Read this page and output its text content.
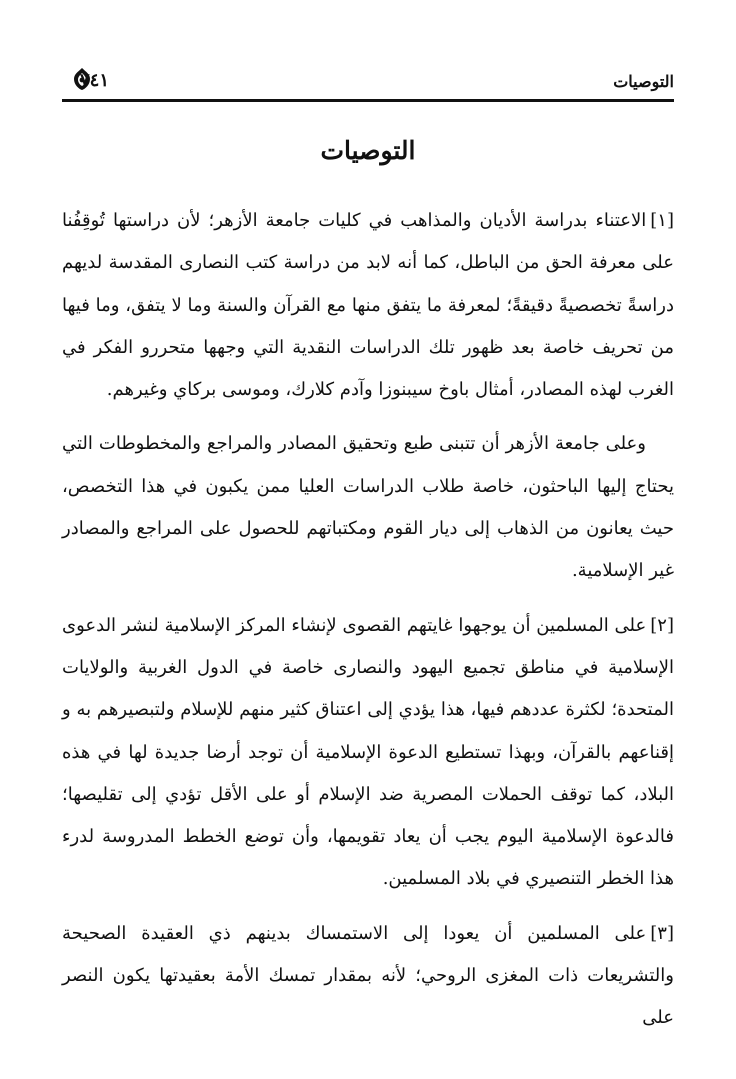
التوصيات
٧٤١
التوصيات

[١]الاعتناء بدراسة الأديان والمذاهب في كليات جامعة الأزهر؛ لأن دراستها تُوقِفُنا على معرفة الحق من الباطل، كما أنه لابد من دراسة كتب النصارى المقدسة لديهم دراسةً تخصصيةً دقيقةً؛ لمعرفة ما يتفق منها مع القرآن والسنة وما لا يتفق، وما فيها من تحريف خاصة بعد ظهور تلك الدراسات النقدية التي وجهها متحررو الفكر في الغرب لهذه المصادر، أمثال باوخ سيبنوزا وآدم كلارك، وموسى بركاي وغيرهم.

وعلى جامعة الأزهر أن تتبنى طبع وتحقيق المصادر والمراجع والمخطوطات التي يحتاج إليها الباحثون، خاصة طلاب الدراسات العليا ممن يكبون في هذا التخصص، حيث يعانون من الذهاب إلى ديار القوم ومكتباتهم للحصول على المراجع والمصادر غير الإسلامية.

[٢]على المسلمين أن يوجهوا غايتهم القصوى لإنشاء المركز الإسلامية لنشر الدعوى الإسلامية في مناطق تجميع اليهود والنصارى خاصة في الدول الغربية والولايات المتحدة؛ لكثرة عددهم فيها، هذا يؤدي إلى اعتناق كثير منهم للإسلام ولتبصيرهم به و إقناعهم بالقرآن، وبهذا تستطيع الدعوة الإسلامية أن توجد أرضا جديدة لها في هذه البلاد، كما توقف الحملات المصرية ضد الإسلام أو على الأقل تؤدي إلى تقليصها؛ فالدعوة الإسلامية اليوم يجب أن يعاد تقويمها، وأن توضع الخطط المدروسة لدرء هذا الخطر التنصيري في بلاد المسلمين.

[٣]على المسلمين أن يعودا إلى الاستمساك بدينهم ذي العقيدة الصحيحة والتشريعات ذات المغزى الروحي؛ لأنه بمقدار تمسك الأمة بعقيدتها يكون النصر على
